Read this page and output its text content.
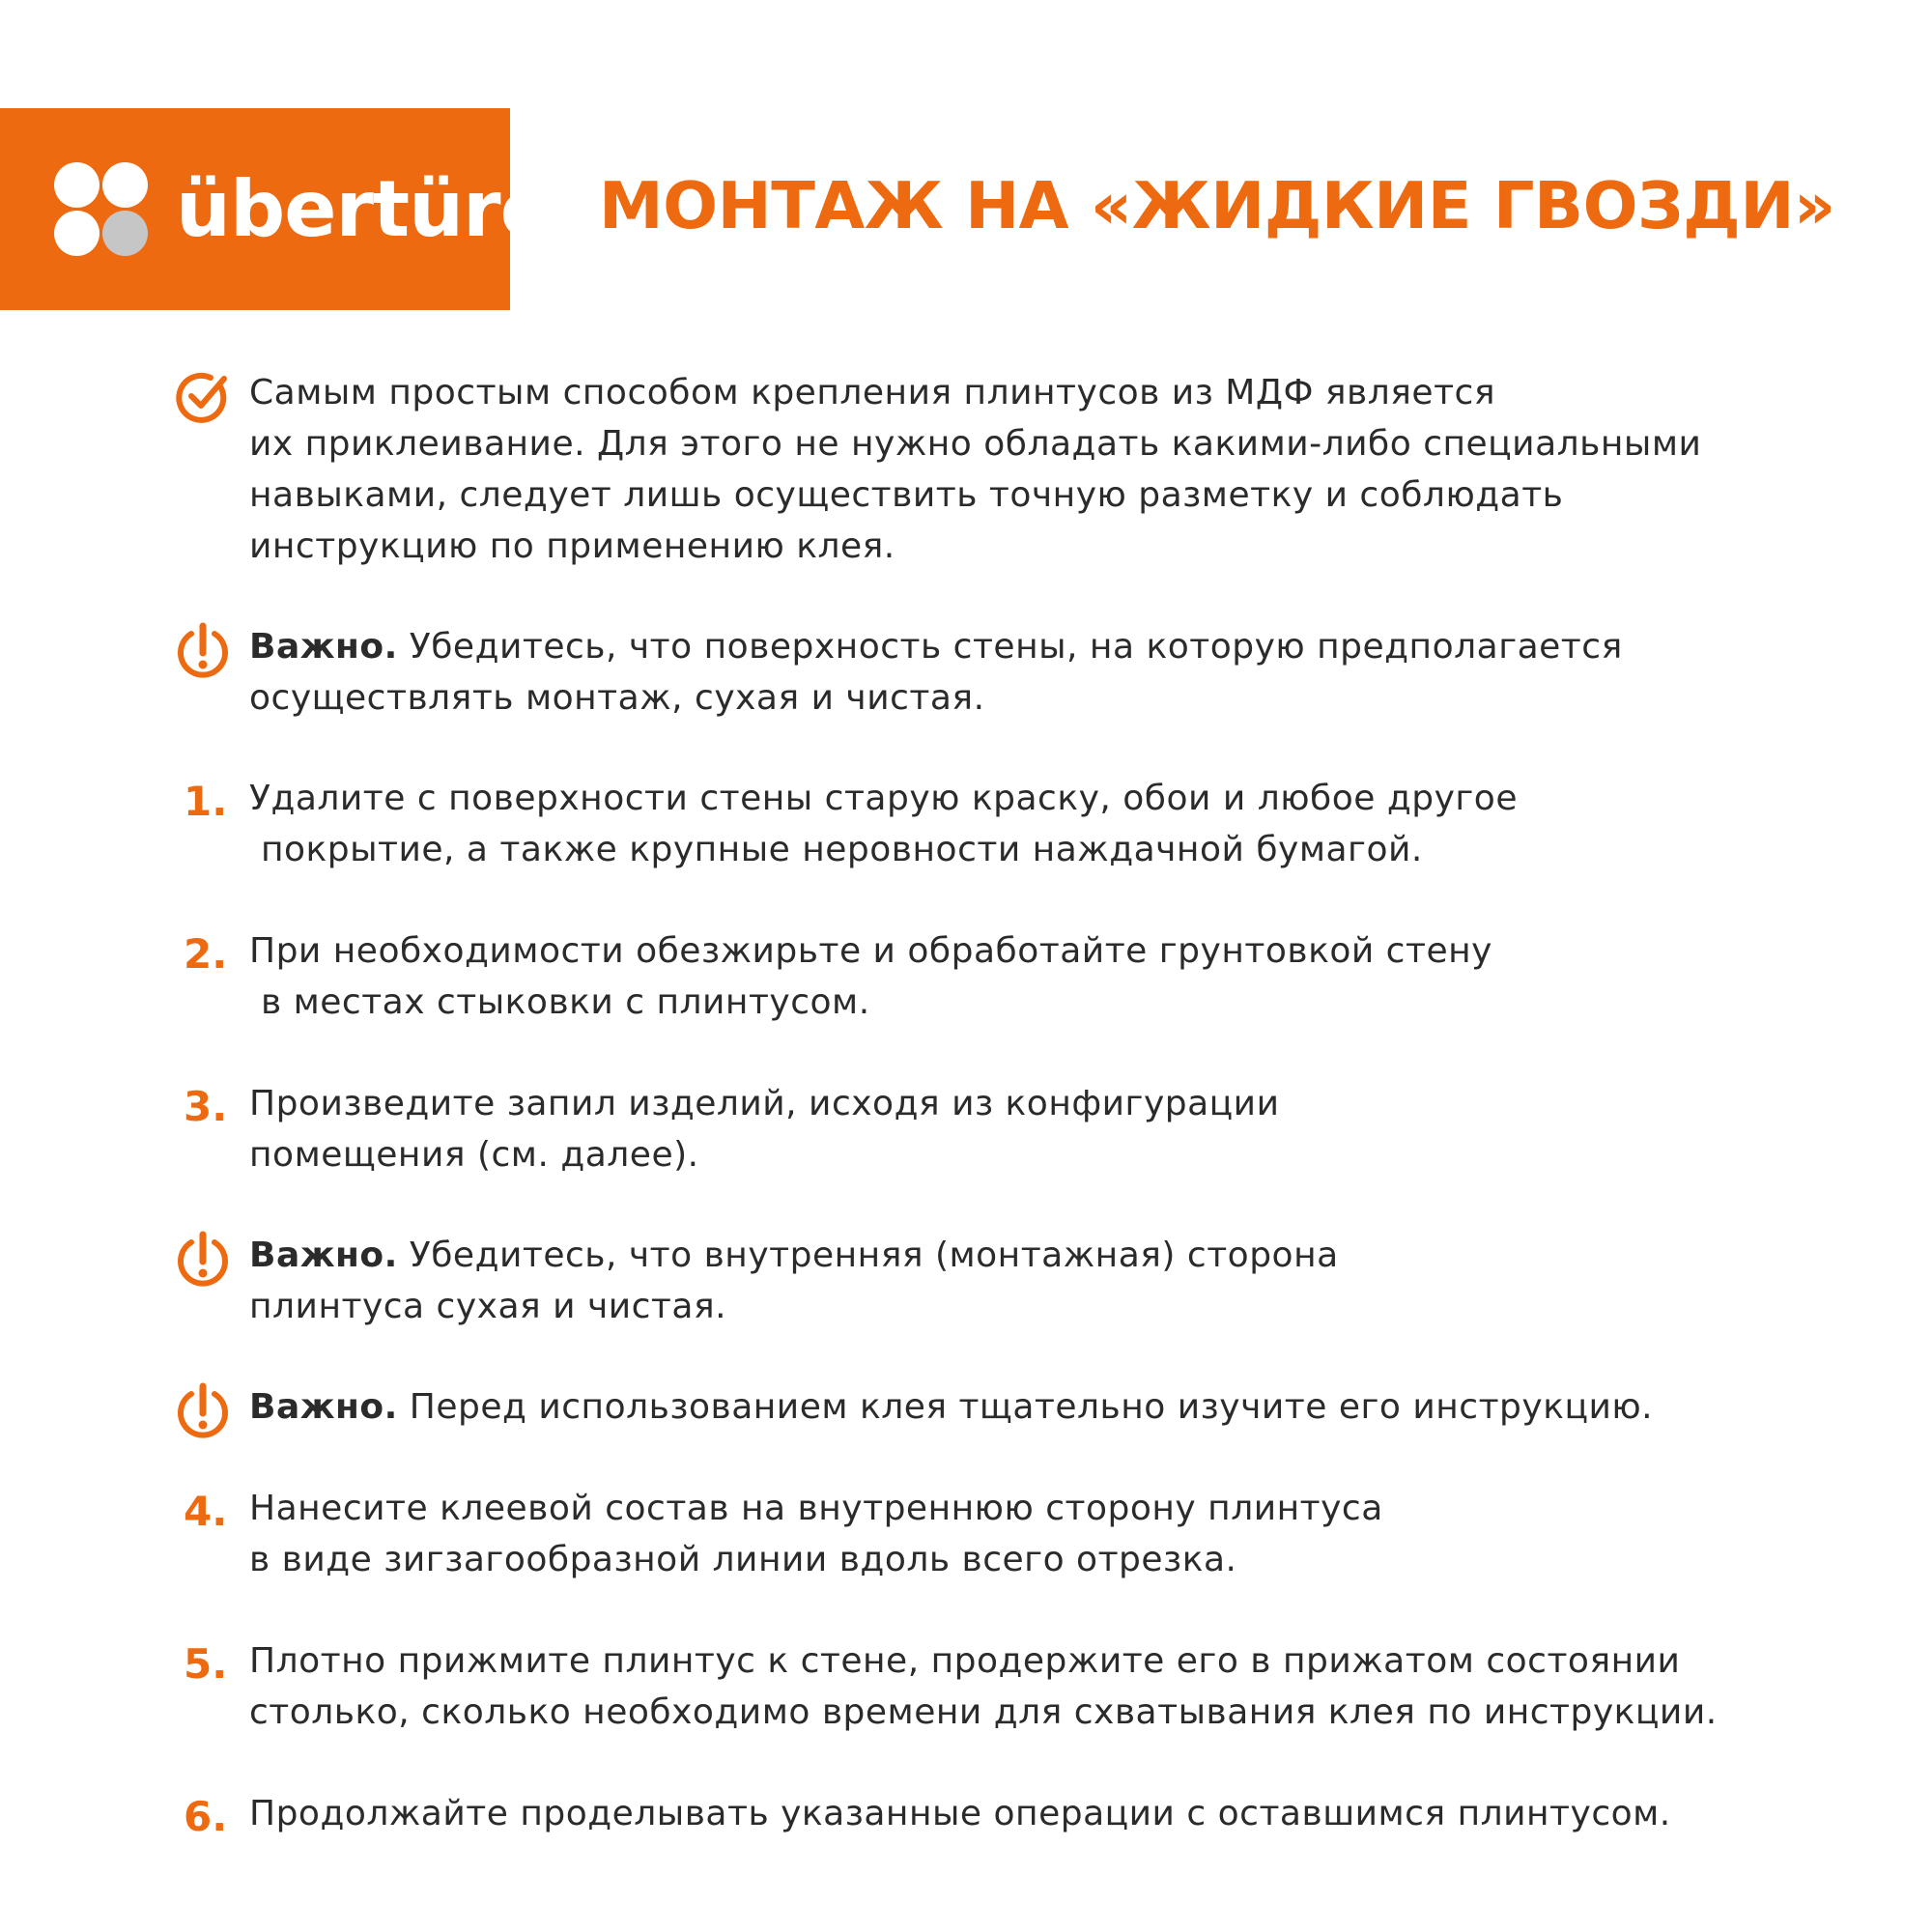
übertüre МОНТАЖ НА «ЖИДКИЕ ГВОЗДИ»
Самым простым способом крепления плинтусов из МДФ является
их приклеивание. Для этого не нужно обладать какими-либо специальными
навыками, следует лишь осуществить точную разметку и соблюдать
инструкцию по применению клея.
Важно. Убедитесь, что поверхность стены, на которую предполагается
осуществлять монтаж, сухая и чистая.
1. Удалите с поверхности стены старую краску, обои и любое другое
покрытие, а также крупные неровности наждачной бумагой.
2. При необходимости обезжирьте и обработайте грунтовкой стену
в местах стыковки с плинтусом.
3. Произведите запил изделий, исходя из конфигурации
помещения (см. далее).
Важно. Убедитесь, что внутренняя (монтажная) сторона
плинтуса сухая и чистая.
Важно. Перед использованием клея тщательно изучите его инструкцию.
4. Нанесите клеевой состав на внутреннюю сторону плинтуса
в виде зигзагообразной линии вдоль всего отрезка.
5. Плотно прижмите плинтус к стене, продержите его в прижатом состоянии
столько, сколько необходимо времени для схватывания клея по инструкции.
6. Продолжайте проделывать указанные операции с оставшимся плинтусом.
